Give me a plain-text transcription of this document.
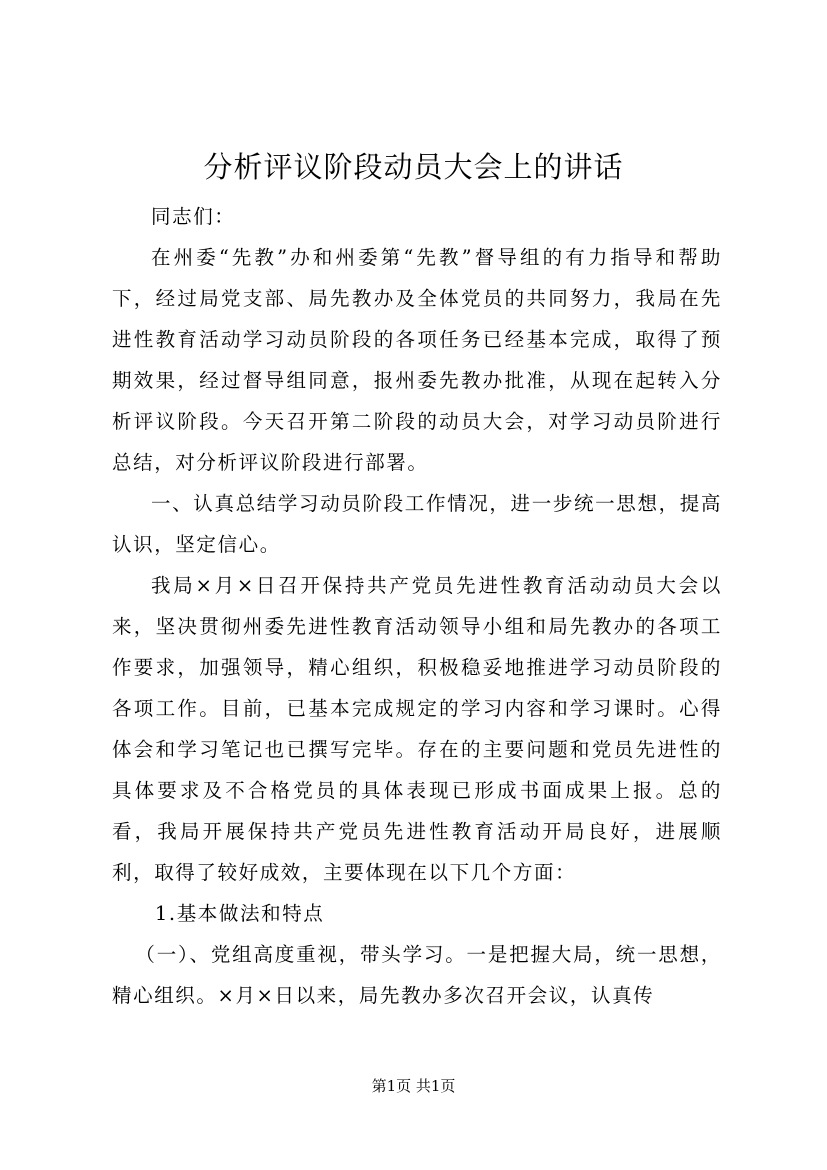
分析评议阶段动员大会上的讲话

同志们：

在州委“先教”办和州委第“先教”督导组的有力指导和帮助下，经过局党支部、局先教办及全体党员的共同努力，我局在先进性教育活动学习动员阶段的各项任务已经基本完成，取得了预期效果，经过督导组同意，报州委先教办批准，从现在起转入分析评议阶段。今天召开第二阶段的动员大会，对学习动员阶进行总结，对分析评议阶段进行部署。

一、认真总结学习动员阶段工作情况，进一步统一思想，提高认识，坚定信心。

我局×月×日召开保持共产党员先进性教育活动动员大会以来，坚决贯彻州委先进性教育活动领导小组和局先教办的各项工作要求，加强领导，精心组织，积极稳妥地推进学习动员阶段的各项工作。目前，已基本完成规定的学习内容和学习课时。心得体会和学习笔记也已撰写完毕。存在的主要问题和党员先进性的具体要求及不合格党员的具体表现已形成书面成果上报。总的看，我局开展保持共产党员先进性教育活动开局良好，进展顺利，取得了较好成效，主要体现在以下几个方面：

1.基本做法和特点

（一）、党组高度重视，带头学习。一是把握大局，统一思想，精心组织。×月×日以来，局先教办多次召开会议，认真传

第1页 共1页
